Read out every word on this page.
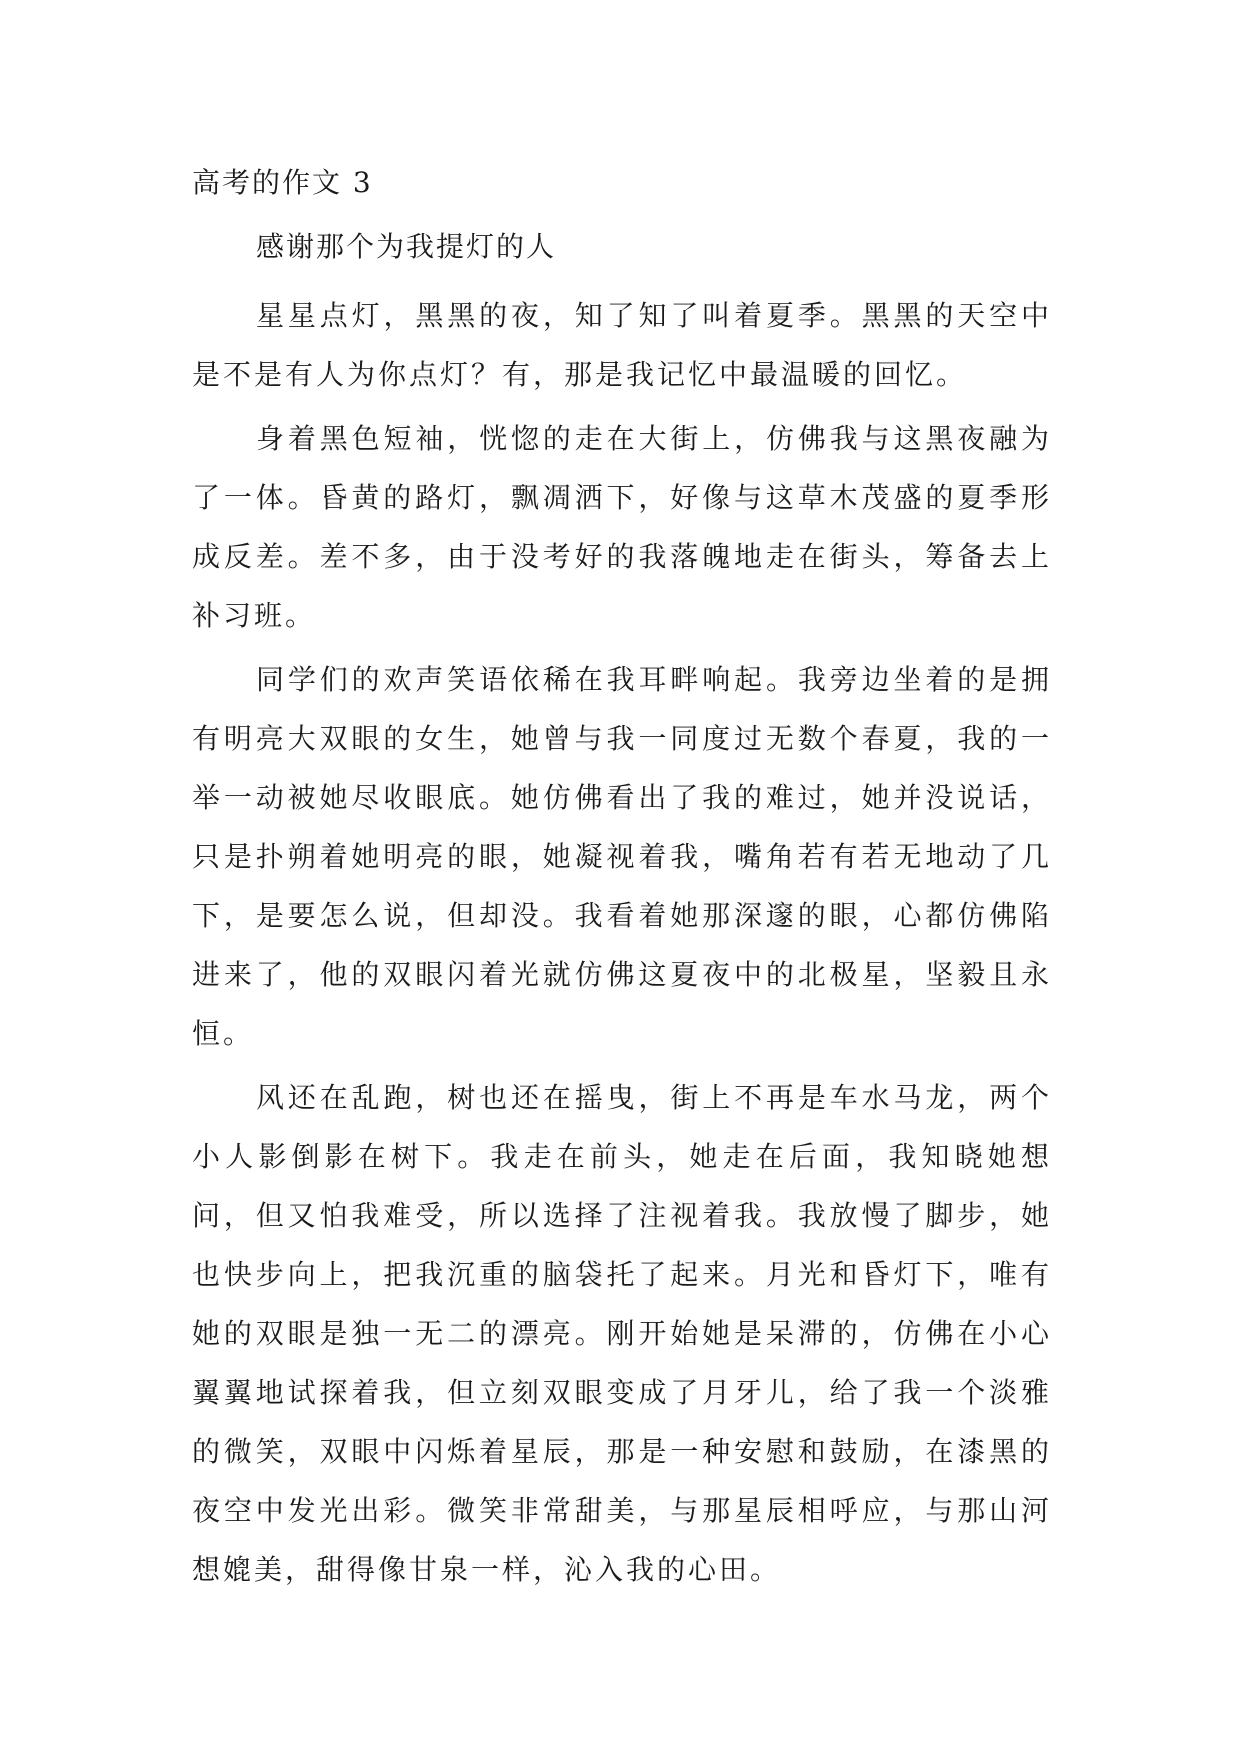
高考的作文 3
感谢那个为我提灯的人

星星点灯，黑黑的夜，知了知了叫着夏季。黑黑的天空中是不是有人为你点灯？有，那是我记忆中最温暖的回忆。

身着黑色短袖，恍惚的走在大街上，仿佛我与这黑夜融为了一体。昏黄的路灯，飘凋洒下，好像与这草木茂盛的夏季形成反差。差不多，由于没考好的我落魄地走在街头，筹备去上补习班。

同学们的欢声笑语依稀在我耳畔响起。我旁边坐着的是拥有明亮大双眼的女生，她曾与我一同度过无数个春夏，我的一举一动被她尽收眼底。她仿佛看出了我的难过，她并没说话，只是扑朔着她明亮的眼，她凝视着我，嘴角若有若无地动了几下，是要怎么说，但却没。我看着她那深邃的眼，心都仿佛陷进来了，他的双眼闪着光就仿佛这夏夜中的北极星，坚毅且永恒。

风还在乱跑，树也还在摇曳，街上不再是车水马龙，两个小人影倒影在树下。我走在前头，她走在后面，我知晓她想问，但又怕我难受，所以选择了注视着我。我放慢了脚步，她也快步向上，把我沉重的脑袋托了起来。月光和昏灯下，唯有她的双眼是独一无二的漂亮。刚开始她是呆滞的，仿佛在小心翼翼地试探着我，但立刻双眼变成了月牙儿，给了我一个淡雅的微笑，双眼中闪烁着星辰，那是一种安慰和鼓励，在漆黑的夜空中发光出彩。微笑非常甜美，与那星辰相呼应，与那山河想媲美，甜得像甘泉一样，沁入我的心田。
